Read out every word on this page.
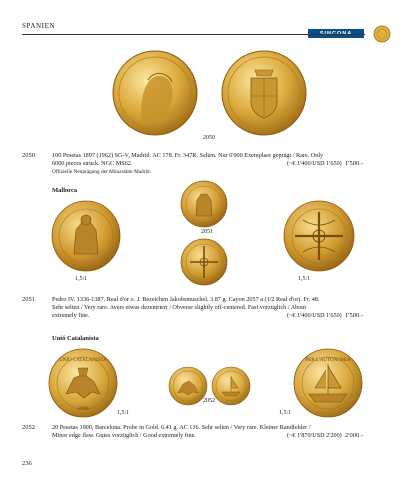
SPANIEN
2050
2050	100 Pesetas 1897 (1962) SG-V, Madrid. AC 178. Fr. 347R. Selten. Nur 6'000 Exemplare geprägt / Rare. Only
6000 pieces struck. NGC MS62.	(~€ 1'400/USD 1'650) 1'500.-
Offizielle Neuprägung der Münzstätte Madrid.
Mallorca
2051
1,5:1	1,5:1
2051	Pedro IV. 1336-1387. Real d'or o. J. Bezeichen Jakobsmuschel. 3.87 g. Cayon 2057 a (1/2 Real d'or). Fr. 48.
Sehr selten / Very rare. Avers etwas dezentriert / Obverse slightly off-centered. Fast vorzüglich / About
extremely fine.	(~€ 1'400/USD 1'650) 1'500.-
Unió Catalanista
UNIO CATALANISTA
1900
2052
PER L'AUTONOMIA
1,5:1	1,5:1
2052	20 Pesetas 1900, Barcelona. Probe in Gold. 6.41 g. AC 136. Sehr selten / Very rare. Kleiner Randfehler /
Minor edge flaw. Gutes vorzüglich / Good extremely fine.	(~€ 1'870/USD 2'200) 2'000.-
236
